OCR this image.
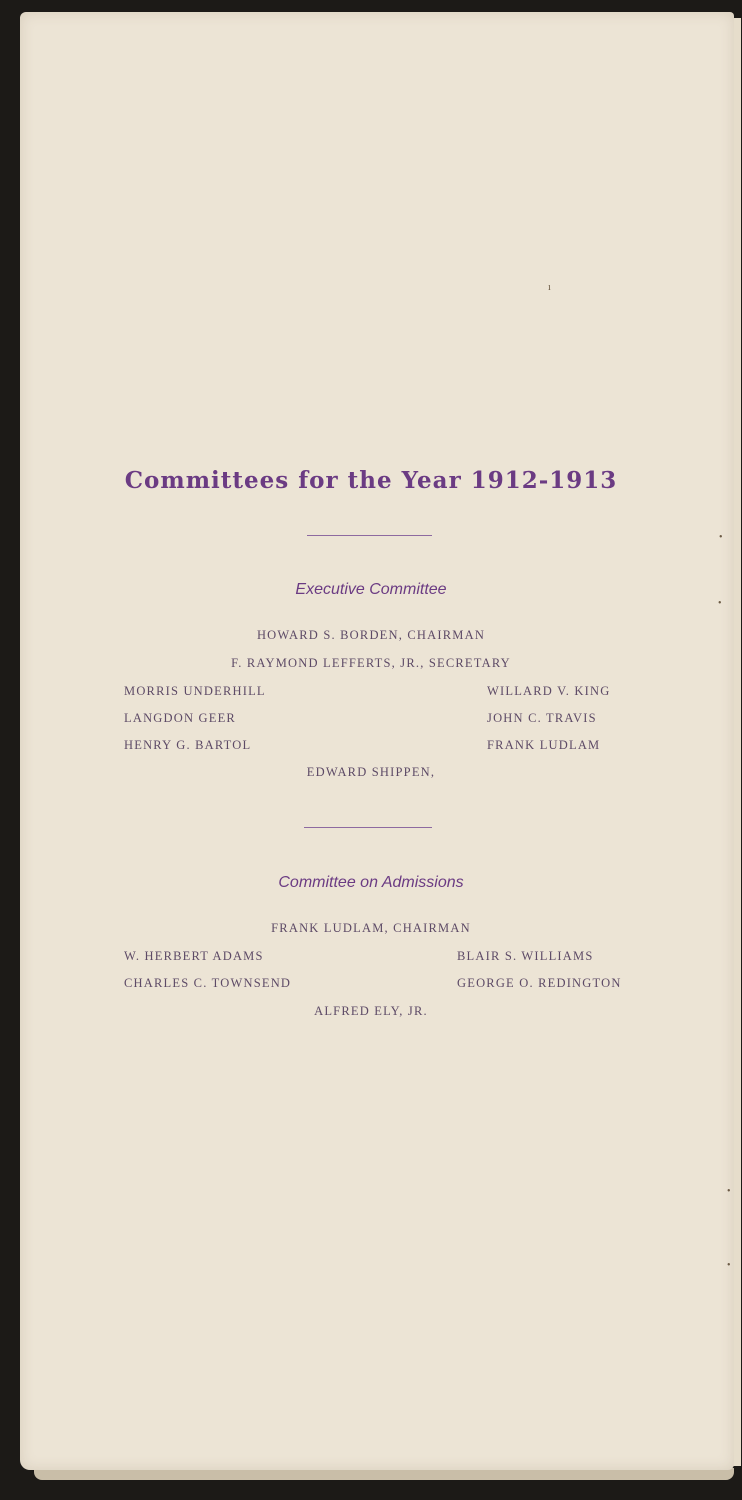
Committees for the Year 1912-1913
Executive Committee
HOWARD S. BORDEN, CHAIRMAN
F. RAYMOND LEFFERTS, JR., SECRETARY
MORRIS UNDERHILL
LANGDON GEER
HENRY G. BARTOL
WILLARD V. KING
JOHN C. TRAVIS
FRANK LUDLAM
EDWARD SHIPPEN,
Committee on Admissions
FRANK LUDLAM, CHAIRMAN
W. HERBERT ADAMS
CHARLES C. TOWNSEND
BLAIR S. WILLIAMS
GEORGE O. REDINGTON
ALFRED ELY, JR.
ı
•
•
•
•
